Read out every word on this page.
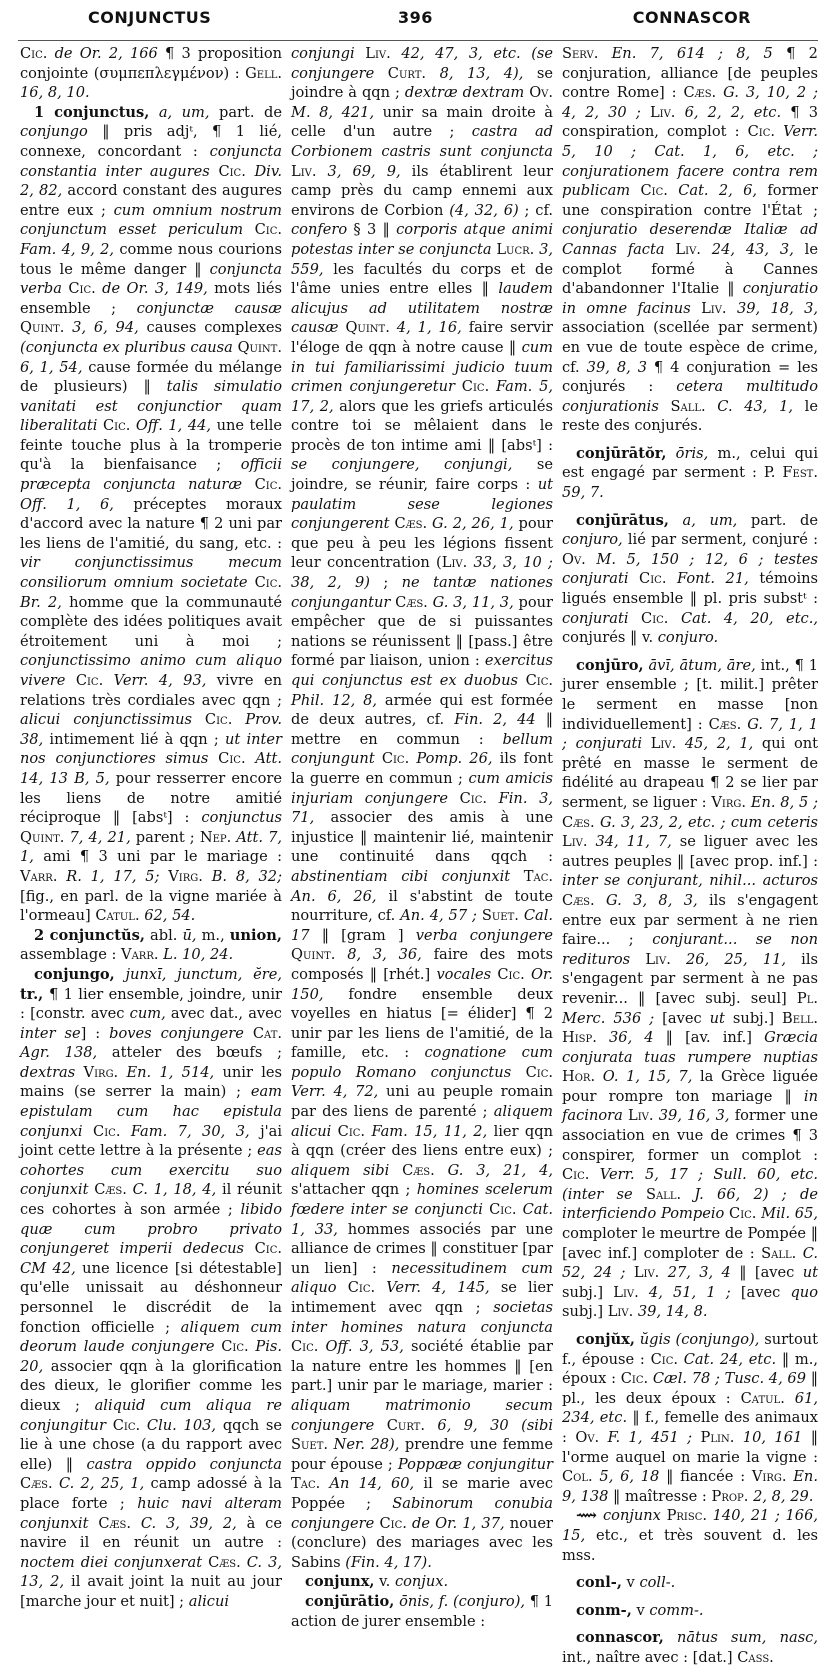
CONJUNCTUS	396	CONNASCOR

Cic. de Or. 2, 166 ¶ 3 proposition conjointe (συμπεπλεγμένον) : Gell. 16, 8, 10.

1 conjunctus, a, um, part. de conjungo ‖ pris adjᵗ, ¶ 1 lié, connexe, concordant : conjuncta constantia inter augures Cic. Div. 2, 82, accord constant des augures entre eux ; cum omnium nostrum conjunctum esset periculum Cic. Fam. 4, 9, 2, comme nous courions tous le même danger ‖ conjuncta verba Cic. de Or. 3, 149, mots liés ensemble ; conjunctæ causæ Quint. 3, 6, 94, causes complexes (conjuncta ex pluribus causa Quint. 6, 1, 54, cause formée du mélange de plusieurs) ‖ talis simulatio vanitati est conjunctior quam liberalitati Cic. Off. 1, 44, une telle feinte touche plus à la tromperie qu'à la bienfaisance ; officii præcepta conjuncta naturæ Cic. Off. 1, 6, préceptes moraux d'accord avec la nature ¶ 2 uni par les liens de l'amitié, du sang, etc. : vir conjunctissimus mecum consiliorum omnium societate Cic. Br. 2, homme que la communauté complète des idées politiques avait étroitement uni à moi ; conjunctissimo animo cum aliquo vivere Cic. Verr. 4, 93, vivre en relations très cordiales avec qqn ; alicui conjunctissimus Cic. Prov. 38, intimement lié à qqn ; ut inter nos conjunctiores simus Cic. Att. 14, 13 B, 5, pour resserrer encore les liens de notre amitié réciproque ‖ [absᵗ] : conjunctus Quint. 7, 4, 21, parent ; Nep. Att. 7, 1, ami ¶ 3 uni par le mariage : Varr. R. 1, 17, 5; Virg. B. 8, 32; [fig., en parl. de la vigne mariée à l'ormeau] Catul. 62, 54.

2 conjunctŭs, abl. ū, m., union, assemblage : Varr. L. 10, 24.

conjungo, junxī, junctum, ĕre, tr., ¶ 1 lier ensemble, joindre, unir : [constr. avec cum, avec dat., avec inter se] : boves conjungere Cat. Agr. 138, atteler des bœufs ; dextras Virg. En. 1, 514, unir les mains (se serrer la main) ; eam epistulam cum hac epistula conjunxi Cic. Fam. 7, 30, 3, j'ai joint cette lettre à la présente ; eas cohortes cum exercitu suo conjunxit Cæs. C. 1, 18, 4, il réunit ces cohortes à son armée ; libido quæ cum probro privato conjungeret imperii dedecus Cic. CM 42, une licence [si détestable] qu'elle unissait au déshonneur personnel le discrédit de la fonction officielle ; aliquem cum deorum laude conjungere Cic. Pis. 20, associer qqn à la glorification des dieux, le glorifier comme les dieux ; aliquid cum aliqua re conjungitur Cic. Clu. 103, qqch se lie à une chose (a du rapport avec elle) ‖ castra oppido conjuncta Cæs. C. 2, 25, 1, camp adossé à la place forte ; huic navi alteram conjunxit Cæs. C. 3, 39, 2, à ce navire il en réunit un autre : noctem diei conjunxerat Cæs. C. 3, 13, 2, il avait joint la nuit au jour [marche jour et nuit] ; alicui

conjungi Liv. 42, 47, 3, etc. (se conjungere Curt. 8, 13, 4), se joindre à qqn ; dextræ dextram Ov. M. 8, 421, unir sa main droite à celle d'un autre ; castra ad Corbionem castris sunt conjuncta Liv. 3, 69, 9, ils établirent leur camp près du camp ennemi aux environs de Corbion (4, 32, 6) ; cf. confero § 3 ‖ corporis atque animi potestas inter se conjuncta Lucr. 3, 559, les facultés du corps et de l'âme unies entre elles ‖ laudem alicujus ad utilitatem nostræ causæ Quint. 4, 1, 16, faire servir l'éloge de qqn à notre cause ‖ cum in tui familiarissimi judicio tuum crimen conjungeretur Cic. Fam. 5, 17, 2, alors que les griefs articulés contre toi se mêlaient dans le procès de ton intime ami ‖ [absᵗ] : se conjungere, conjungi, se joindre, se réunir, faire corps : ut paulatim sese legiones conjungerent Cæs. G. 2, 26, 1, pour que peu à peu les légions fissent leur concentration (Liv. 33, 3, 10 ; 38, 2, 9) ; ne tantæ nationes conjungantur Cæs. G. 3, 11, 3, pour empêcher que de si puissantes nations se réunissent ‖ [pass.] être formé par liaison, union : exercitus qui conjunctus est ex duobus Cic. Phil. 12, 8, armée qui est formée de deux autres, cf. Fin. 2, 44 ‖ mettre en commun : bellum conjungunt Cic. Pomp. 26, ils font la guerre en commun ; cum amicis injuriam conjungere Cic. Fin. 3, 71, associer des amis à une injustice ‖ maintenir lié, maintenir une continuité dans qqch : abstinentiam cibi conjunxit Tac. An. 6, 26, il s'abstint de toute nourriture, cf. An. 4, 57 ; Suet. Cal. 17 ‖ [gram ] verba conjungere Quint. 8, 3, 36, faire des mots composés ‖ [rhét.] vocales Cic. Or. 150, fondre ensemble deux voyelles en hiatus [= élider] ¶ 2 unir par les liens de l'amitié, de la famille, etc. : cognatione cum populo Romano conjunctus Cic. Verr. 4, 72, uni au peuple romain par des liens de parenté ; aliquem alicui Cic. Fam. 15, 11, 2, lier qqn à qqn (créer des liens entre eux) ; aliquem sibi Cæs. G. 3, 21, 4, s'attacher qqn ; homines scelerum fœdere inter se conjuncti Cic. Cat. 1, 33, hommes associés par une alliance de crimes ‖ constituer [par un lien] : necessitudinem cum aliquo Cic. Verr. 4, 145, se lier intimement avec qqn ; societas inter homines natura conjuncta Cic. Off. 3, 53, société établie par la nature entre les hommes ‖ [en part.] unir par le mariage, marier : aliquam matrimonio secum conjungere Curt. 6, 9, 30 (sibi Suet. Ner. 28), prendre une femme pour épouse ; Poppææ conjungitur Tac. An 14, 60, il se marie avec Poppée ; Sabinorum conubia conjungere Cic. de Or. 1, 37, nouer (conclure) des mariages avec les Sabins (Fin. 4, 17).

conjunx, v. conjux.

conjūrātio, ōnis, f. (conjuro), ¶ 1 action de jurer ensemble :

Serv. En. 7, 614 ; 8, 5 ¶ 2 conjuration, alliance [de peuples contre Rome] : Cæs. G. 3, 10, 2 ; 4, 2, 30 ; Liv. 6, 2, 2, etc. ¶ 3 conspiration, complot : Cic. Verr. 5, 10 ; Cat. 1, 6, etc. ; conjurationem facere contra rem publicam Cic. Cat. 2, 6, former une conspiration contre l'État ; conjuratio deserendæ Italiæ ad Cannas facta Liv. 24, 43, 3, le complot formé à Cannes d'abandonner l'Italie ‖ conjuratio in omne facinus Liv. 39, 18, 3, association (scellée par serment) en vue de toute espèce de crime, cf. 39, 8, 3 ¶ 4 conjuration = les conjurés : cetera multitudo conjurationis Sall. C. 43, 1, le reste des conjurés.

conjūrātŏr, ōris, m., celui qui est engagé par serment : P. Fest. 59, 7.

conjūrātus, a, um, part. de conjuro, lié par serment, conjuré : Ov. M. 5, 150 ; 12, 6 ; testes conjurati Cic. Font. 21, témoins ligués ensemble ‖ pl. pris substᵗ : conjurati Cic. Cat. 4, 20, etc., conjurés ‖ v. conjuro.

conjūro, āvī, ātum, āre, int., ¶ 1 jurer ensemble ; [t. milit.] prêter le serment en masse [non individuellement] : Cæs. G. 7, 1, 1 ; conjurati Liv. 45, 2, 1, qui ont prêté en masse le serment de fidélité au drapeau ¶ 2 se lier par serment, se liguer : Virg. En. 8, 5 ; Cæs. G. 3, 23, 2, etc. ; cum ceteris Liv. 34, 11, 7, se liguer avec les autres peuples ‖ [avec prop. inf.] : inter se conjurant, nihil... acturos Cæs. G. 3, 8, 3, ils s'engagent entre eux par serment à ne rien faire... ; conjurant... se non redituros Liv. 26, 25, 11, ils s'engagent par serment à ne pas revenir... ‖ [avec subj. seul] Pl. Merc. 536 ; [avec ut subj.] Bell. Hisp. 36, 4 ‖ [av. inf.] Græcia conjurata tuas rumpere nuptias Hor. O. 1, 15, 7, la Grèce liguée pour rompre ton mariage ‖ in facinora Liv. 39, 16, 3, former une association en vue de crimes ¶ 3 conspirer, former un complot : Cic. Verr. 5, 17 ; Sull. 60, etc. (inter se Sall. J. 66, 2) ; de interficiendo Pompeio Cic. Mil. 65, comploter le meurtre de Pompée ‖ [avec inf.] comploter de : Sall. C. 52, 24 ; Liv. 27, 3, 4 ‖ [avec ut subj.] Liv. 4, 51, 1 ; [avec quo subj.] Liv. 39, 14, 8.

conjŭx, ŭgis (conjungo), surtout f., épouse : Cic. Cat. 24, etc. ‖ m., époux : Cic. Cæl. 78 ; Tusc. 4, 69 ‖ pl., les deux époux : Catul. 61, 234, etc. ‖ f., femelle des animaux : Ov. F. 1, 451 ; Plin. 10, 161 ‖ l'orme auquel on marie la vigne : Col. 5, 6, 18 ‖ fiancée : Virg. En. 9, 138 ‖ maîtresse : Prop. 2, 8, 29.

⟿ conjunx Prisc. 140, 21 ; 166, 15, etc., et très souvent d. les mss.

conl-, v coll-.

conm-, v comm-.

connascor, nātus sum, nasc, int., naître avec : [dat.] Cass.
